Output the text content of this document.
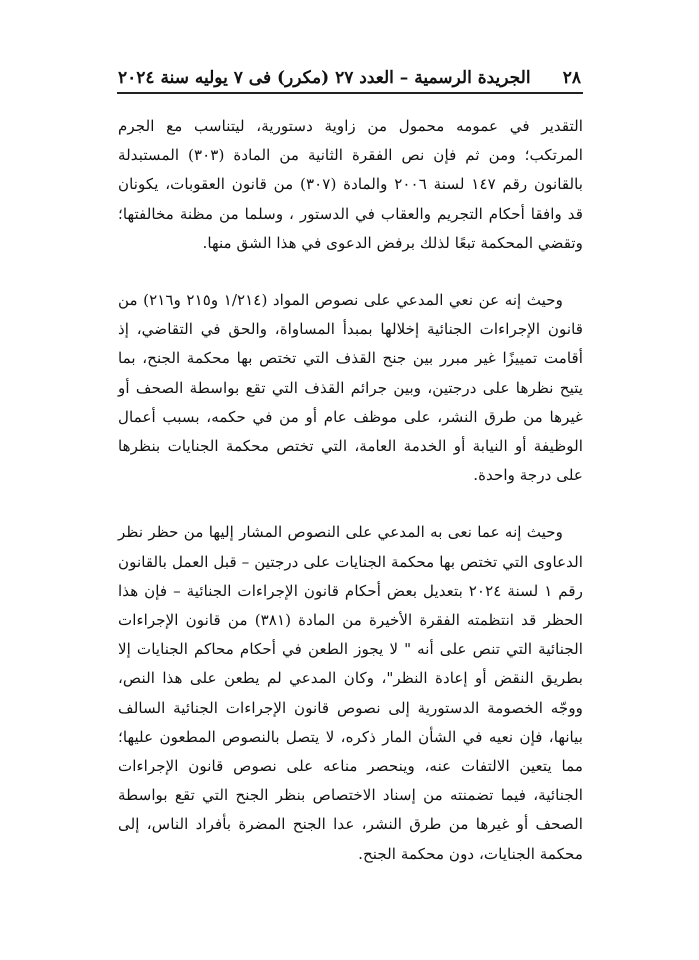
٢٨
الجريدة الرسمية – العدد ٢٧ (مكرر) فى ٧ يوليه سنة ٢٠٢٤

التقدير في عمومه محمول من زاوية دستورية، ليتناسب مع الجرم المرتكب؛ ومن ثم فإن نص الفقرة الثانية من المادة (٣٠٣) المستبدلة بالقانون رقم ١٤٧ لسنة ٢٠٠٦ والمادة (٣٠٧) من قانون العقوبات، يكونان قد وافقا أحكام التجريم والعقاب في الدستور ، وسلما من مظنة مخالفتها؛ وتقضي المحكمة تبعًا لذلك برفض الدعوى في هذا الشق منها.

وحيث إنه عن نعي المدعي على نصوص المواد (١/٢١٤ و٢١٥ و٢١٦) من قانون الإجراءات الجنائية إخلالها بمبدأ المساواة، والحق في التقاضي، إذ أقامت تمييزًا غير مبرر بين جنح القذف التي تختص بها محكمة الجنح، بما يتيح نظرها على درجتين، وبين جرائم القذف التي تقع بواسطة الصحف أو غيرها من طرق النشر، على موظف عام أو من في حكمه، بسبب أعمال الوظيفة أو النيابة أو الخدمة العامة، التي تختص محكمة الجنايات بنظرها على درجة واحدة.

وحيث إنه عما نعى به المدعي على النصوص المشار إليها من حظر نظر الدعاوى التي تختص بها محكمة الجنايات على درجتين – قبل العمل بالقانون رقم ١ لسنة ٢٠٢٤ بتعديل بعض أحكام قانون الإجراءات الجنائية – فإن هذا الحظر قد انتظمته الفقرة الأخيرة من المادة (٣٨١) من قانون الإجراءات الجنائية التي تنص على أنه " لا يجوز الطعن في أحكام محاكم الجنايات إلا بطريق النقض أو إعادة النظر"، وكان المدعي لم يطعن على هذا النص، ووجّه الخصومة الدستورية إلى نصوص قانون الإجراءات الجنائية السالف بيانها، فإن نعيه في الشأن المار ذكره، لا يتصل بالنصوص المطعون عليها؛ مما يتعين الالتفات عنه، وينحصر مناعه على نصوص قانون الإجراءات الجنائية، فيما تضمنته من إسناد الاختصاص بنظر الجنح التي تقع بواسطة الصحف أو غيرها من طرق النشر، عدا الجنح المضرة بأفراد الناس، إلى محكمة الجنايات، دون محكمة الجنح.
